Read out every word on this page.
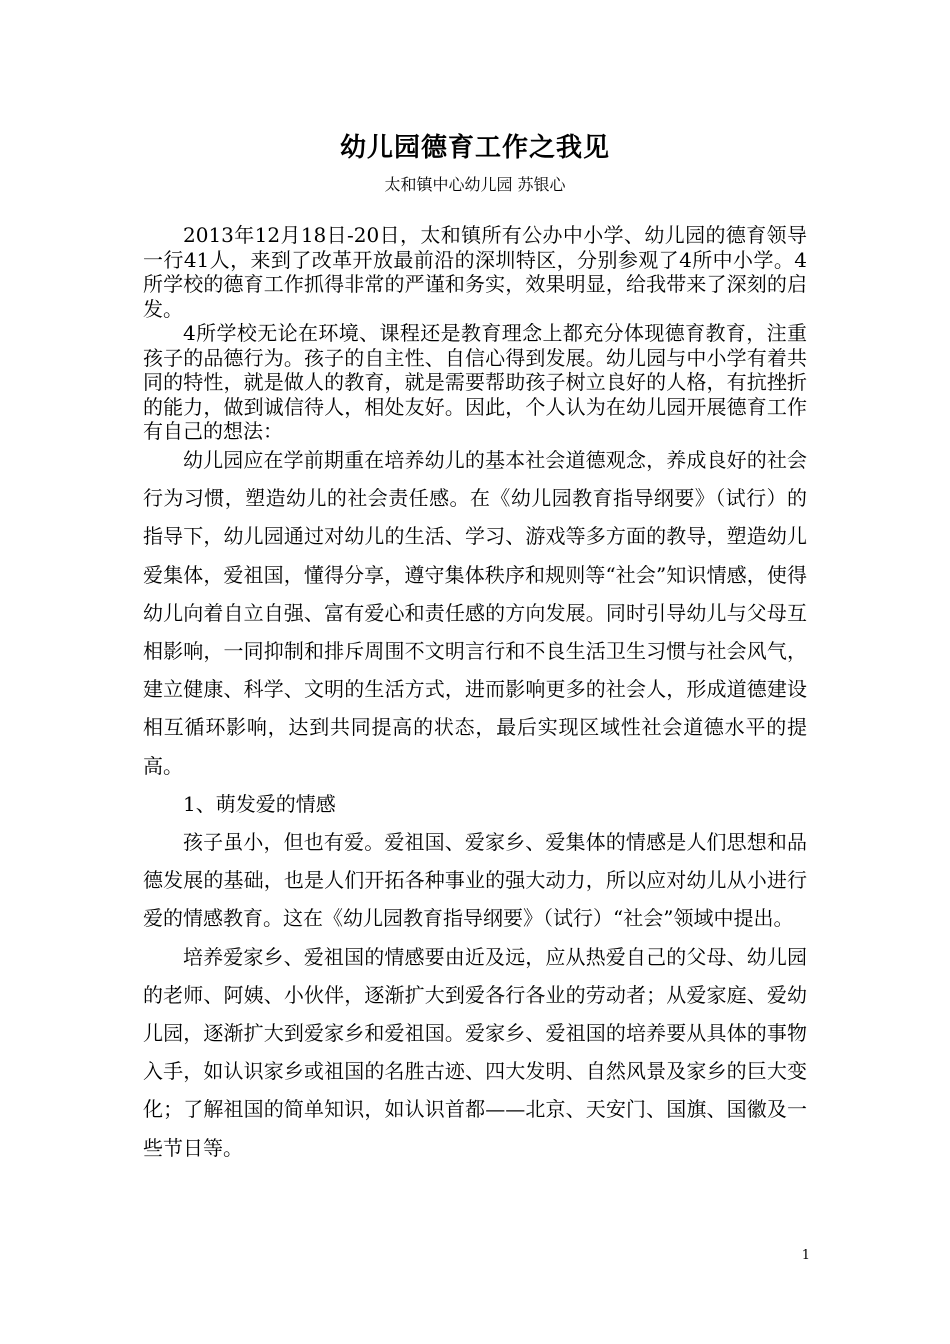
幼儿园德育工作之我见
太和镇中心幼儿园 苏银心

2013年12月18日-20日，太和镇所有公办中小学、幼儿园的德育领导一行41人，来到了改革开放最前沿的深圳特区，分别参观了4所中小学。4所学校的德育工作抓得非常的严谨和务实，效果明显，给我带来了深刻的启发。

4所学校无论在环境、课程还是教育理念上都充分体现德育教育，注重孩子的品德行为。孩子的自主性、自信心得到发展。幼儿园与中小学有着共同的特性，就是做人的教育，就是需要帮助孩子树立良好的人格，有抗挫折的能力，做到诚信待人，相处友好。因此，个人认为在幼儿园开展德育工作有自己的想法：

幼儿园应在学前期重在培养幼儿的基本社会道德观念，养成良好的社会行为习惯，塑造幼儿的社会责任感。在《幼儿园教育指导纲要》（试行）的指导下，幼儿园通过对幼儿的生活、学习、游戏等多方面的教导，塑造幼儿爱集体，爱祖国，懂得分享，遵守集体秩序和规则等“社会”知识情感，使得幼儿向着自立自强、富有爱心和责任感的方向发展。同时引导幼儿与父母互相影响，一同抑制和排斥周围不文明言行和不良生活卫生习惯与社会风气，建立健康、科学、文明的生活方式，进而影响更多的社会人，形成道德建设相互循环影响，达到共同提高的状态，最后实现区域性社会道德水平的提高。

1、萌发爱的情感

孩子虽小，但也有爱。爱祖国、爱家乡、爱集体的情感是人们思想和品德发展的基础，也是人们开拓各种事业的强大动力，所以应对幼儿从小进行爱的情感教育。这在《幼儿园教育指导纲要》（试行）“社会”领域中提出。

培养爱家乡、爱祖国的情感要由近及远，应从热爱自己的父母、幼儿园的老师、阿姨、小伙伴，逐渐扩大到爱各行各业的劳动者；从爱家庭、爱幼儿园，逐渐扩大到爱家乡和爱祖国。爱家乡、爱祖国的培养要从具体的事物入手，如认识家乡或祖国的名胜古迹、四大发明、自然风景及家乡的巨大变化；了解祖国的简单知识，如认识首都——北京、天安门、国旗、国徽及一些节日等。

1
